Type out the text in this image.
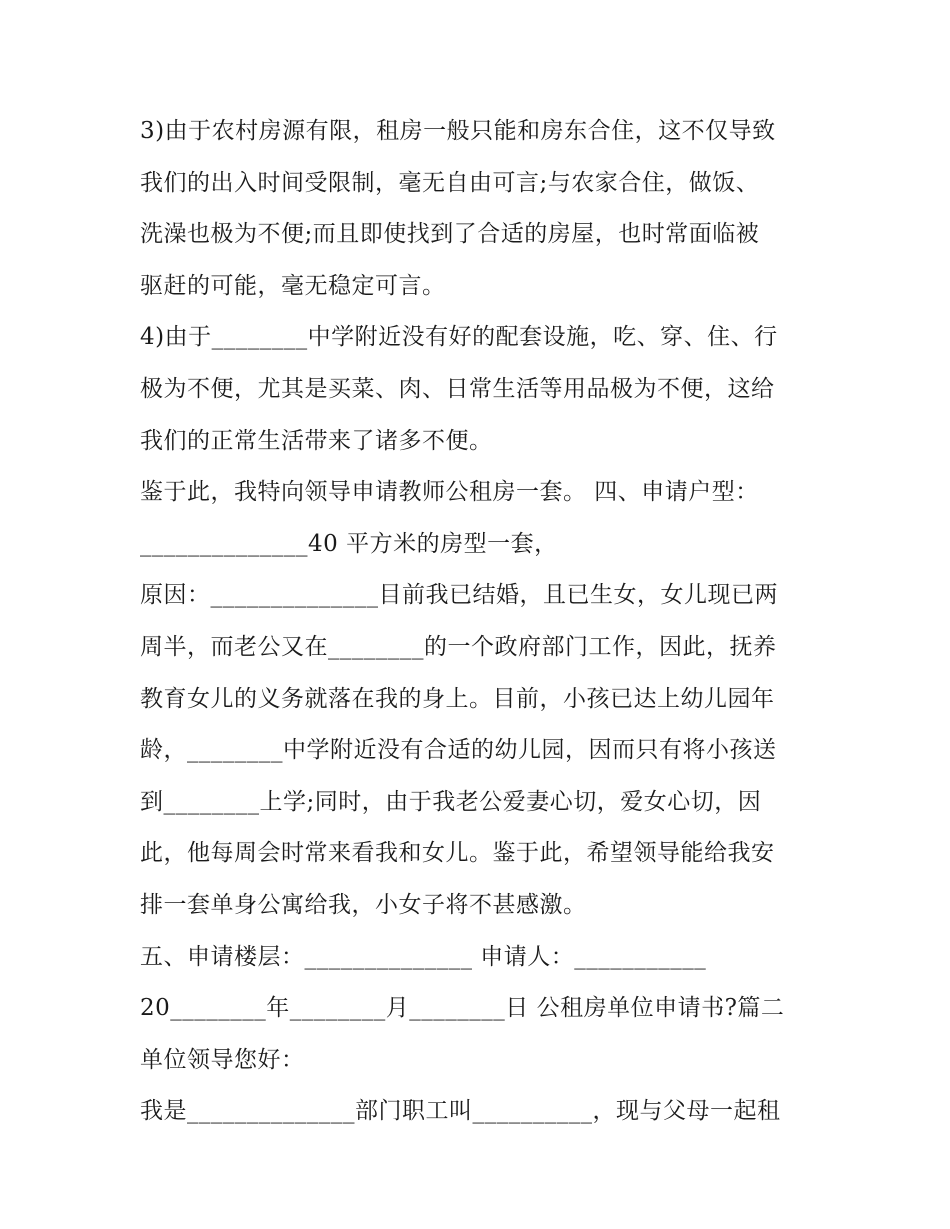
3)由于农村房源有限，租房一般只能和房东合住，这不仅导致
我们的出入时间受限制，毫无自由可言;与农家合住，做饭、
洗澡也极为不便;而且即使找到了合适的房屋，也时常面临被
驱赶的可能，毫无稳定可言。
4)由于________中学附近没有好的配套设施，吃、穿、住、行
极为不便，尤其是买菜、肉、日常生活等用品极为不便，这给
我们的正常生活带来了诸多不便。
鉴于此，我特向领导申请教师公租房一套。 四、申请户型：
______________40 平方米的房型一套，
原因：______________目前我已结婚，且已生女，女儿现已两
周半，而老公又在________的一个政府部门工作，因此，抚养
教育女儿的义务就落在我的身上。目前，小孩已达上幼儿园年
龄，________中学附近没有合适的幼儿园，因而只有将小孩送
到________上学;同时，由于我老公爱妻心切，爱女心切，因
此，他每周会时常来看我和女儿。鉴于此，希望领导能给我安
排一套单身公寓给我，小女子将不甚感激。
五、申请楼层：______________ 申请人：___________
20________年________月________日 公租房单位申请书?篇二
单位领导您好：
我是______________部门职工叫__________，现与父母一起租
